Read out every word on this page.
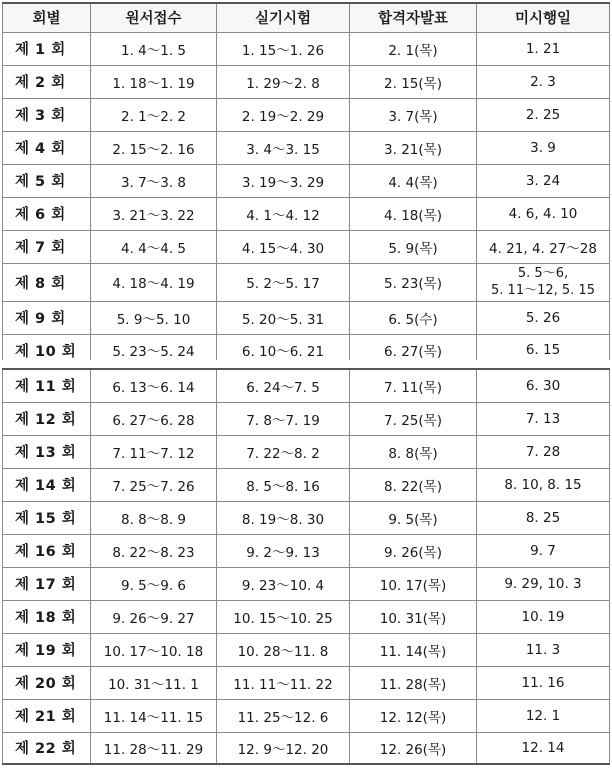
회별	원서접수	실기시험	합격자발표	미시행일
제 1 회	1. 4～1. 5	1. 15～1. 26	2. 1(목)	1. 21
제 2 회	1. 18～1. 19	1. 29～2. 8	2. 15(목)	2. 3
제 3 회	2. 1～2. 2	2. 19～2. 29	3. 7(목)	2. 25
제 4 회	2. 15～2. 16	3. 4～3. 15	3. 21(목)	3. 9
제 5 회	3. 7～3. 8	3. 19～3. 29	4. 4(목)	3. 24
제 6 회	3. 21～3. 22	4. 1～4. 12	4. 18(목)	4. 6, 4. 10
제 7 회	4. 4～4. 5	4. 15～4. 30	5. 9(목)	4. 21, 4. 27～28
제 8 회	4. 18～4. 19	5. 2～5. 17	5. 23(목)	5. 5～6,
5. 11～12, 5. 15

제 9 회	5. 9～5. 10	5. 20～5. 31	6. 5(수)	5. 26
제 10 회	5. 23～5. 24	6. 10～6. 21	6. 27(목)	6. 15
제 11 회	6. 13～6. 14	6. 24～7. 5	7. 11(목)	6. 30
제 12 회	6. 27～6. 28	7. 8～7. 19	7. 25(목)	7. 13
제 13 회	7. 11～7. 12	7. 22～8. 2	8. 8(목)	7. 28
제 14 회	7. 25～7. 26	8. 5～8. 16	8. 22(목)	8. 10, 8. 15
제 15 회	8. 8～8. 9	8. 19～8. 30	9. 5(목)	8. 25
제 16 회	8. 22～8. 23	9. 2～9. 13	9. 26(목)	9. 7
제 17 회	9. 5～9. 6	9. 23～10. 4	10. 17(목)	9. 29, 10. 3
제 18 회	9. 26～9. 27	10. 15～10. 25	10. 31(목)	10. 19
제 19 회	10. 17～10. 18	10. 28～11. 8	11. 14(목)	11. 3
제 20 회	10. 31～11. 1	11. 11～11. 22	11. 28(목)	11. 16
제 21 회	11. 14～11. 15	11. 25～12. 6	12. 12(목)	12. 1
제 22 회	11. 28～11. 29	12. 9～12. 20	12. 26(목)	12. 14
